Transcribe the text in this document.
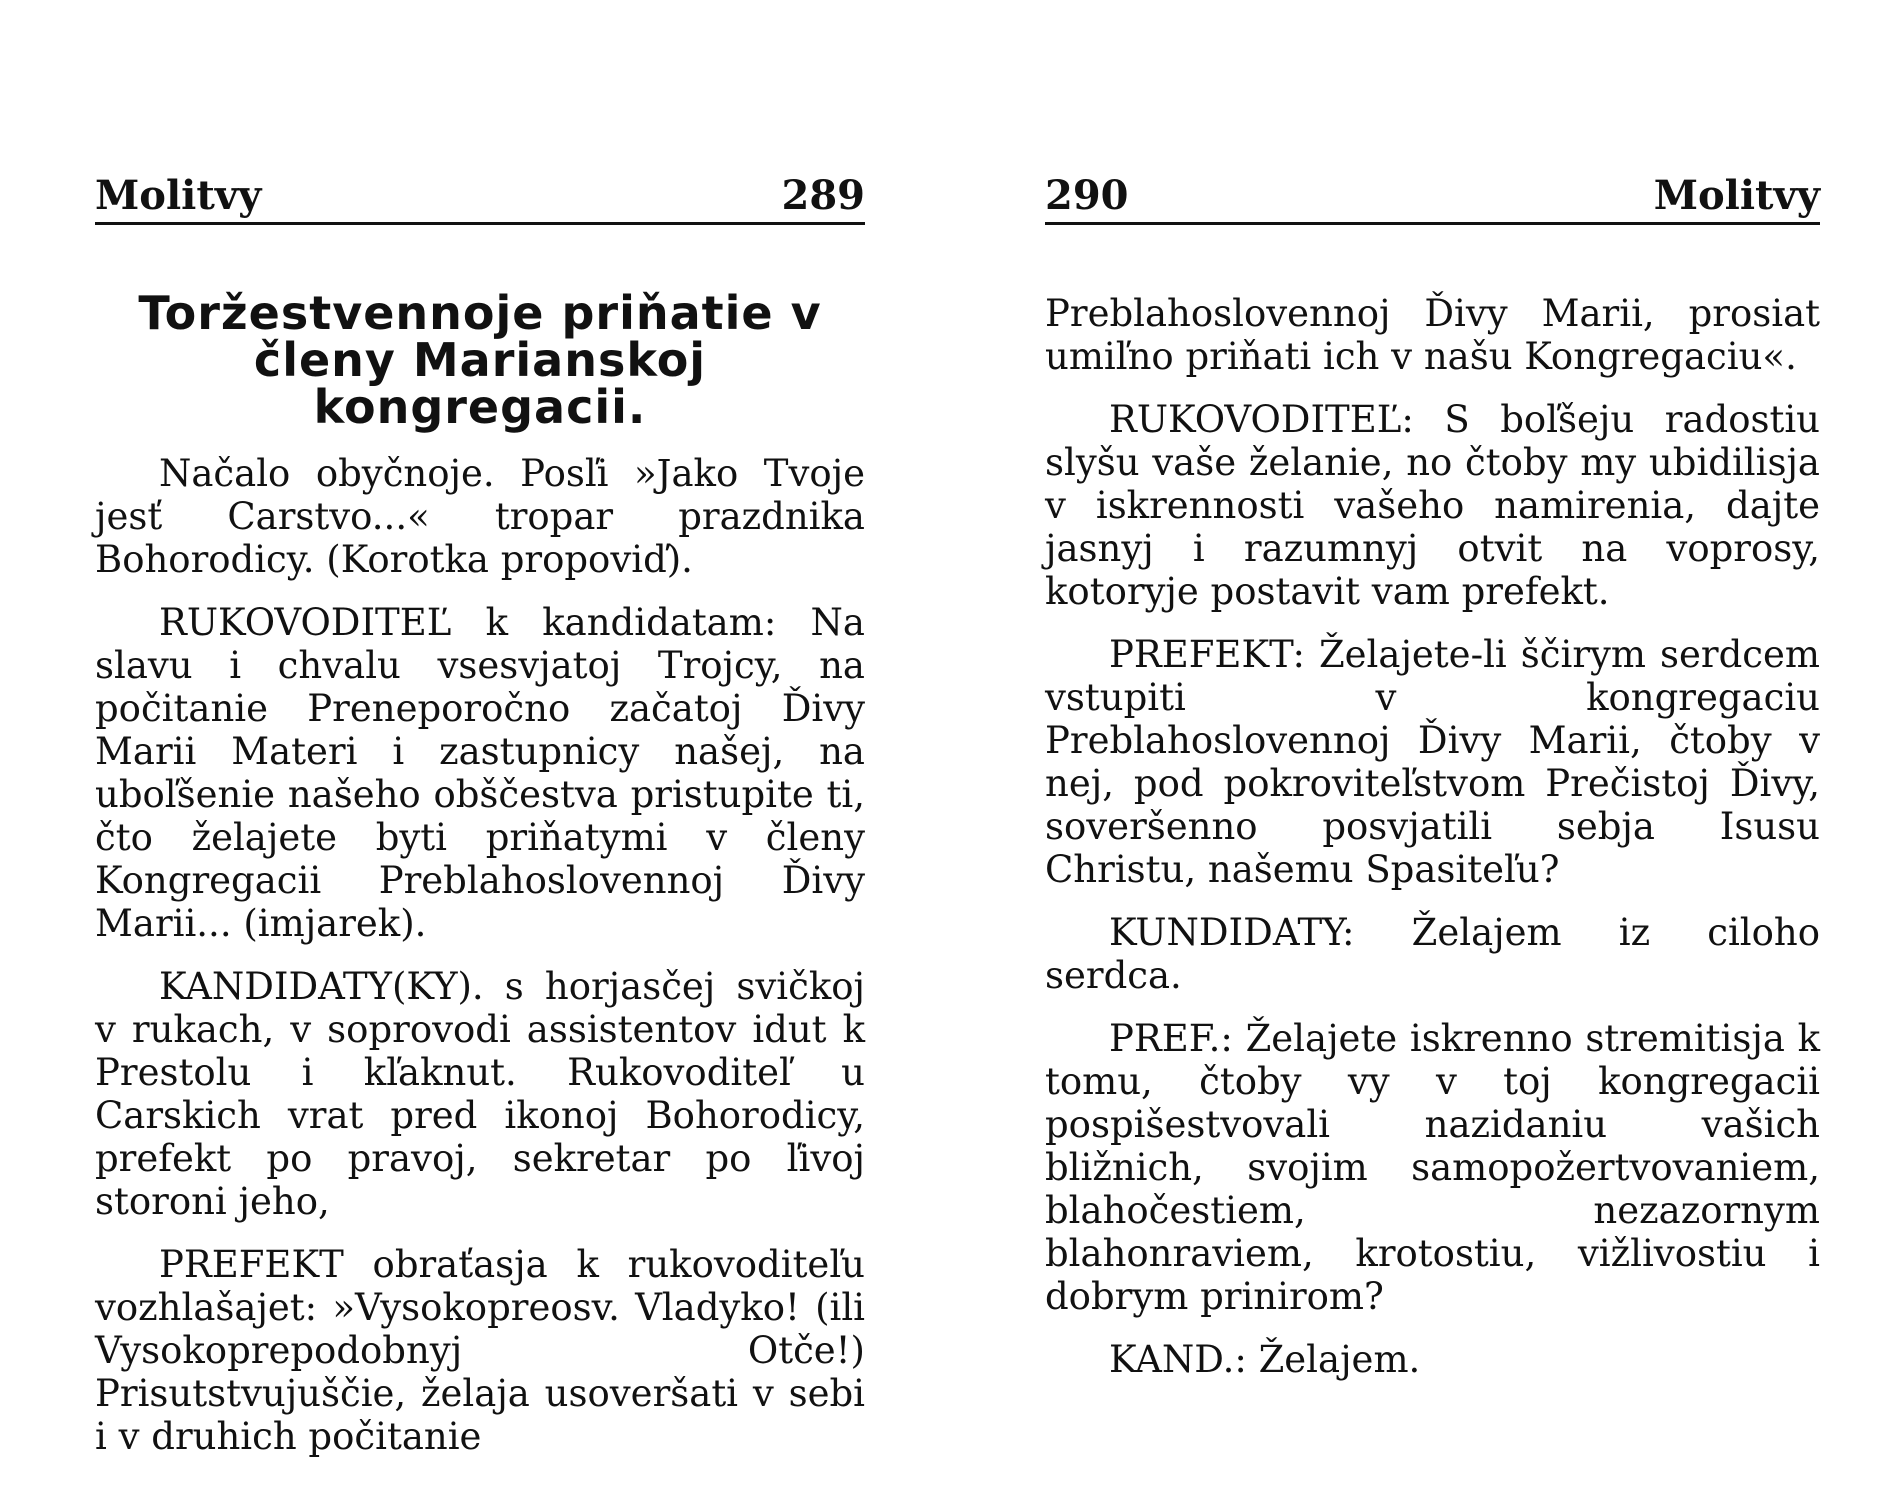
Molitvy	289
Toržestvennoje priňatie v členy Marianskoj kongregacii.

Načalo obyčnoje. Posľi »Jako Tvoje jesť Carstvo...« tropar prazdnika Bohorodicy. (Korotka propoviď).

RUKOVODITEĽ k kandidatam: Na slavu i chvalu vsesvjatoj Trojcy, na počitanie Preneporočno začatoj Ďivy Marii Materi i zastupnicy našej, na uboľšenie našeho obščestva pristupite ti, čto želajete byti priňatymi v členy Kongregacii Preblahoslovennoj Ďivy Marii... (imjarek).

KANDIDATY(KY). s horjasčej svičkoj v rukach, v soprovodi assistentov idut k Prestolu i kľaknut. Rukovoditeľ u Carskich vrat pred ikonoj Bohorodicy, prefekt po pravoj, sekretar po ľivoj storoni jeho,

PREFEKT obraťasja k rukovoditeľu vozhlašajet: »Vysokopreosv. Vladyko! (ili Vysokoprepodobnyj Otče!) Prisutstvujuščie, želaja usoveršati v sebi i v druhich počitanie

290	Molitvy

Preblahoslovennoj Ďivy Marii, prosiat umiľno priňati ich v našu Kongregaciu«.

RUKOVODITEĽ: S boľšeju radostiu slyšu vaše želanie, no čtoby my ubidilisja v iskrennosti vašeho namirenia, dajte jasnyj i razumnyj otvit na voprosy, kotoryje postavit vam prefekt.

PREFEKT: Želajete-li ščirym serdcem vstupiti v kongregaciu Preblahoslovennoj Ďivy Marii, čtoby v nej, pod pokroviteľstvom Prečistoj Ďivy, soveršenno posvjatili sebja Isusu Christu, našemu Spasiteľu?

KUNDIDATY: Želajem iz ciloho serdca.

PREF.: Želajete iskrenno stremitisja k tomu, čtoby vy v toj kongregacii pospišestvovali nazidaniu vašich bližnich, svojim samopožertvovaniem, blahočestiem, nezazornym blahonraviem, krotostiu, vižlivostiu i dobrym prinirom?

KAND.: Želajem.
